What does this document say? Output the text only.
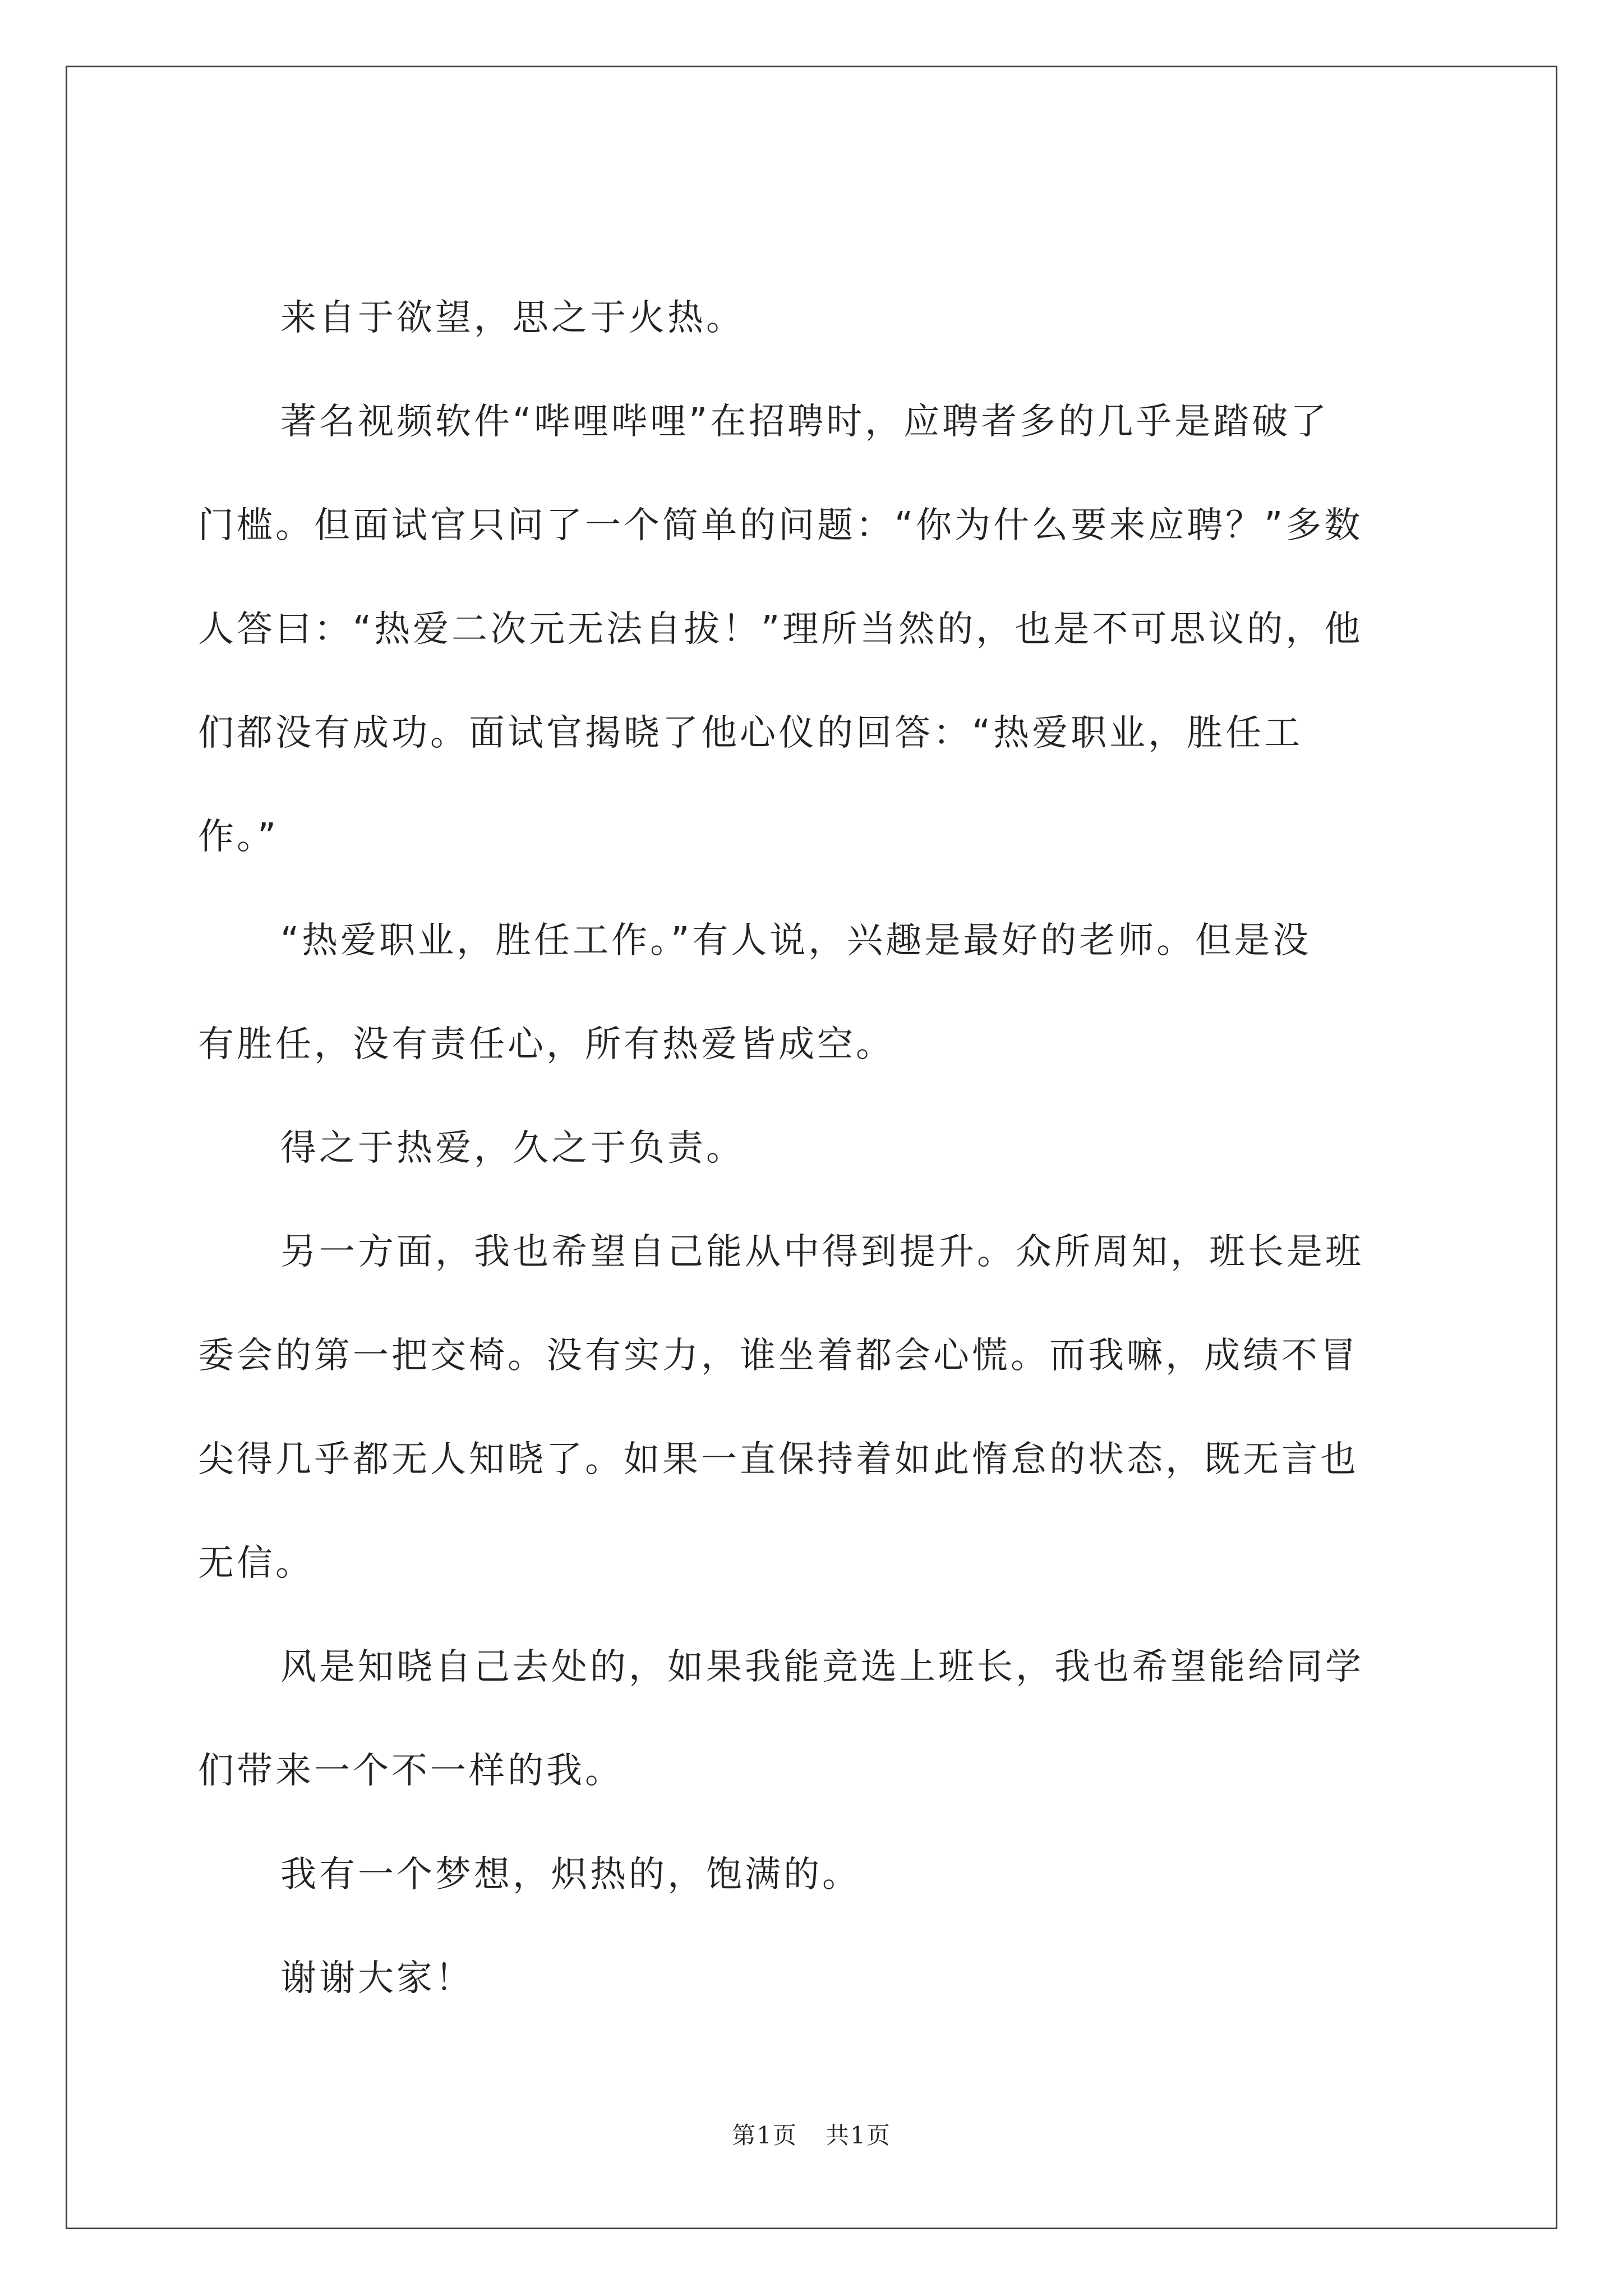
来自于欲望，思之于火热。

著名视频软件“哔哩哔哩”在招聘时，应聘者多的几乎是踏破了
门槛。但面试官只问了一个简单的问题：“你为什么要来应聘？”多数
人答曰：“热爱二次元无法自拔！”理所当然的，也是不可思议的，他
们都没有成功。面试官揭晓了他心仪的回答：“热爱职业，胜任工
作。”

“热爱职业，胜任工作。”有人说，兴趣是最好的老师。但是没
有胜任，没有责任心，所有热爱皆成空。

得之于热爱，久之于负责。

另一方面，我也希望自己能从中得到提升。众所周知，班长是班
委会的第一把交椅。没有实力，谁坐着都会心慌。而我嘛，成绩不冒
尖得几乎都无人知晓了。如果一直保持着如此惰怠的状态，既无言也
无信。

风是知晓自己去处的，如果我能竞选上班长，我也希望能给同学
们带来一个不一样的我。

我有一个梦想，炽热的，饱满的。

谢谢大家！

第1页 共1页
